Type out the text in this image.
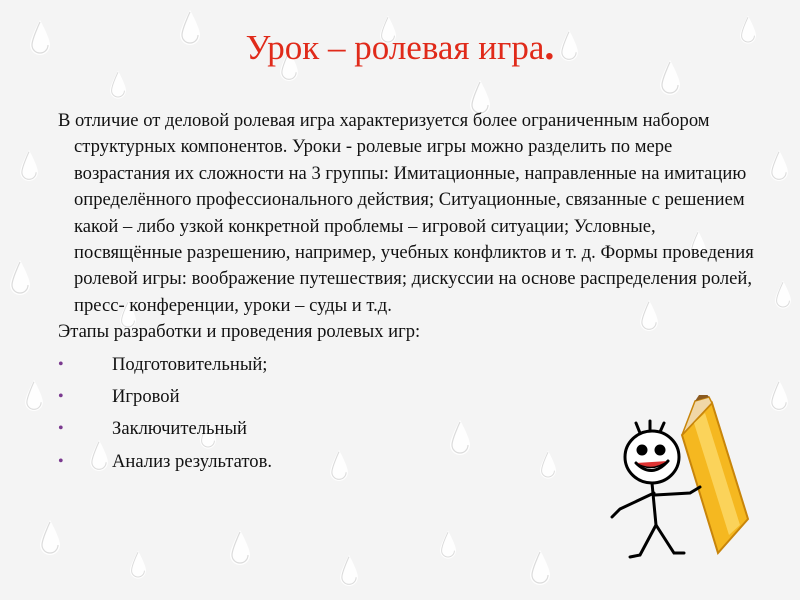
Урок – ролевая игра.

В отличие от деловой ролевая игра характеризуется более ограниченным набором структурных компонентов. Уроки - ролевые игры можно разделить по мере возрастания их сложности на 3 группы: Имитационные, направленные на имитацию определённого профессионального действия; Ситуационные, связанные с решением какой – либо узкой конкретной проблемы – игровой ситуации; Условные, посвящённые разрешению, например, учебных конфликтов и т. д. Формы проведения ролевой игры: воображение путешествия; дискуссии на основе распределения ролей, пресс- конференции, уроки – суды и т.д.

Этапы разработки и проведения ролевых игр:

•	Подготовительный;
•	Игровой
•	Заключительный
•	Анализ результатов.
